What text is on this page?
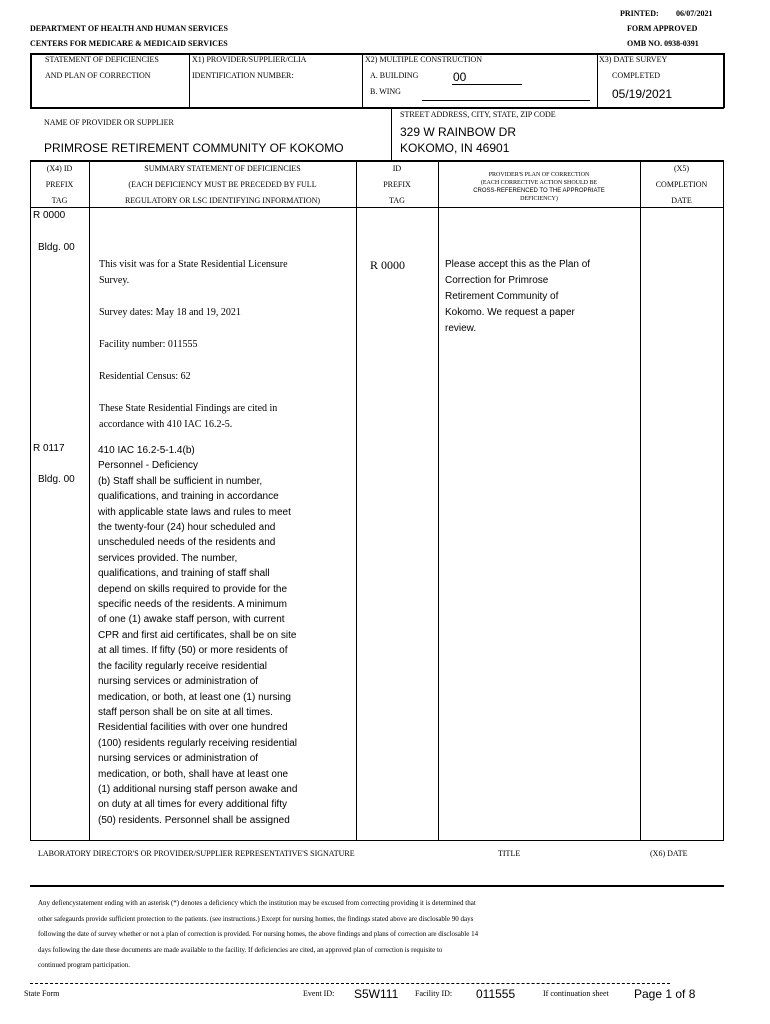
PRINTED: 06/07/2021
FORM APPROVED
OMB NO. 0938-0391
DEPARTMENT OF HEALTH AND HUMAN SERVICES
CENTERS FOR MEDICARE & MEDICAID SERVICES
STATEMENT OF DEFICIENCIES
AND PLAN OF CORRECTION
X1) PROVIDER/SUPPLIER/CLIA
IDENTIFICATION NUMBER:
X2) MULTIPLE CONSTRUCTION
A. BUILDING	00
B. WING
X3) DATE SURVEY
COMPLETED
05/19/2021
NAME OF PROVIDER OR SUPPLIER
PRIMROSE RETIREMENT COMMUNITY OF KOKOMO
STREET ADDRESS, CITY, STATE, ZIP CODE
329 W RAINBOW DR
KOKOMO, IN 46901
(X4) ID
PREFIX
TAG
SUMMARY STATEMENT OF DEFICIENCIES
(EACH DEFICIENCY MUST BE PRECEDED BY FULL
REGULATORY OR LSC IDENTIFYING INFORMATION)
ID
PREFIX
TAG
PROVIDER'S PLAN OF CORRECTION
(EACH CORRECTIVE ACTION SHOULD BE
CROSS-REFERENCED TO THE APPROPRIATE
DEFICIENCY)
(X5)
COMPLETION
DATE
R 0000
Bldg. 00
This visit was for a State Residential Licensure
Survey.

Survey dates: May 18 and 19, 2021

Facility number: 011555

Residential Census: 62

These State Residential Findings are cited in
accordance with 410 IAC 16.2-5.
R 0000	Please accept this as the Plan of
Correction for Primrose
Retirement Community of
Kokomo. We request a paper
review.
R 0117
Bldg. 00
410 IAC 16.2-5-1.4(b)
Personnel - Deficiency
(b) Staff shall be sufficient in number,
qualifications, and training in accordance
with applicable state laws and rules to meet
the twenty-four (24) hour scheduled and
unscheduled needs of the residents and
services provided. The number,
qualifications, and training of staff shall
depend on skills required to provide for the
specific needs of the residents. A minimum
of one (1) awake staff person, with current
CPR and first aid certificates, shall be on site
at all times. If fifty (50) or more residents of
the facility regularly receive residential
nursing services or administration of
medication, or both, at least one (1) nursing
staff person shall be on site at all times.
Residential facilities with over one hundred
(100) residents regularly receiving residential
nursing services or administration of
medication, or both, shall have at least one
(1) additional nursing staff person awake and
on duty at all times for every additional fifty
(50) residents. Personnel shall be assigned
LABORATORY DIRECTOR'S OR PROVIDER/SUPPLIER REPRESENTATIVE'S SIGNATURE	TITLE	(X6) DATE
Any defiencystatement ending with an asterisk (*) denotes a deficiency which the institution may be excused from correcting providing it is determined that
other safegaurds provide sufficient protection to the patients. (see instructions.) Except for nursing homes, the findings stated above are disclosable 90 days
following the date of survey whether or not a plan of correction is provided. For nursing homes, the above findings and plans of correction are disclosable 14
days following the date these documents are made available to the facility. If deficiencies are cited, an approved plan of correction is requisite to
continued program participation.
State Form	Event ID: S5W111 Facility ID: 011555	If continuation sheet Page 1 of 8
